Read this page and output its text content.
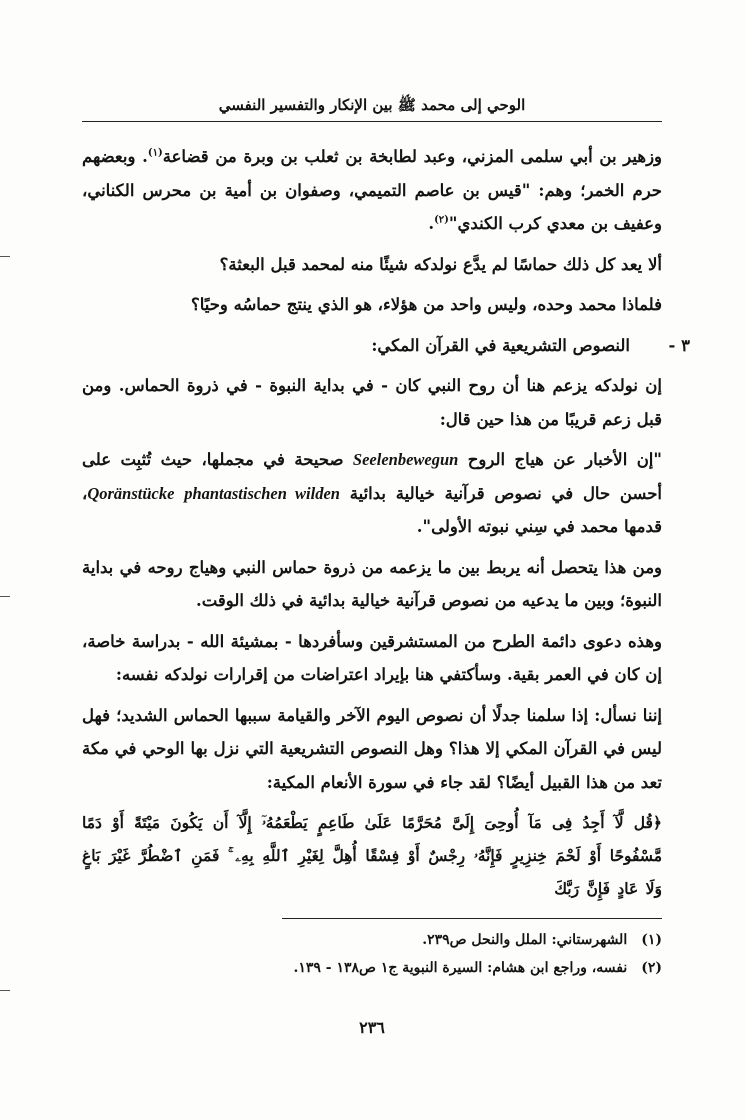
الوحي إلى محمد ﷺ بين الإنكار والتفسير النفسي

وزهير بن أبي سلمى المزني، وعبد لطابخة بن ثعلب بن وبرة من قضاعة$^{(١)}$. وبعضهم حرم الخمر؛ وهم: "قيس بن عاصم التميمي، وصفوان بن أمية بن محرس الكناني، وعفيف بن معدي كرب الكندي"$^{(٢)}$.

ألا يعد كل ذلك حماسًا لم يدَّع نولدكه شيئًا منه لمحمد قبل البعثة؟

فلماذا محمد وحده، وليس واحد من هؤلاء، هو الذي ينتج حماسُه وحيًا؟

٣ -
النصوص التشريعية في القرآن المكي:

إن نولدكه يزعم هنا أن روح النبي كان - في بداية النبوة - في ذروة الحماس. ومن قبل زعم قريبًا من هذا حين قال:

"إن الأخبار عن هياج الروح Seelenbewegun صحيحة في مجملها، حيث تُثبِت على أحسن حال في نصوص قرآنية خيالية بدائية phantastischen wilden Qoränstücke، قدمها محمد في سِني نبوته الأولى".

ومن هذا يتحصل أنه يربط بين ما يزعمه من ذروة حماس النبي وهياج روحه في بداية النبوة؛ وبين ما يدعيه من نصوص قرآنية خيالية بدائية في ذلك الوقت.

وهذه دعوى دائمة الطرح من المستشرقين وسأفردها - بمشيئة الله - بدراسة خاصة، إن كان في العمر بقية. وسأكتفي هنا بإيراد اعتراضات من إقرارات نولدكه نفسه:

إننا نسأل: إذا سلمنا جدلًا أن نصوص اليوم الآخر والقيامة سببها الحماس الشديد؛ فهل ليس في القرآن المكي إلا هذا؟ وهل النصوص التشريعية التي نزل بها الوحي في مكة تعد من هذا القبيل أيضًا؟ لقد جاء في سورة الأنعام المكية:

﴿قُل لَّآ أَجِدُ فِى مَآ أُوحِىَ إِلَىَّ مُحَرَّمًا عَلَىٰ طَاعِمٍ يَطْعَمُهُۥٓ إِلَّآ أَن يَكُونَ مَيْتَةً أَوْ دَمًا مَّسْفُوحًا أَوْ لَحْمَ خِنزِيرٍ فَإِنَّهُۥ رِجْسٌ أَوْ فِسْقًا أُهِلَّ لِغَيْرِ ٱللَّهِ بِهِۦ ۚ فَمَنِ ٱضْطُرَّ غَيْرَ بَاغٍ وَلَا عَادٍ فَإِنَّ رَبَّكَ

(١)
الشهرستاني: الملل والنحل ص٢٣٩.
(٢)
نفسه، وراجع ابن هشام: السيرة النبوية ج١ ص١٣٨ - ١٣٩.
٢٣٦
